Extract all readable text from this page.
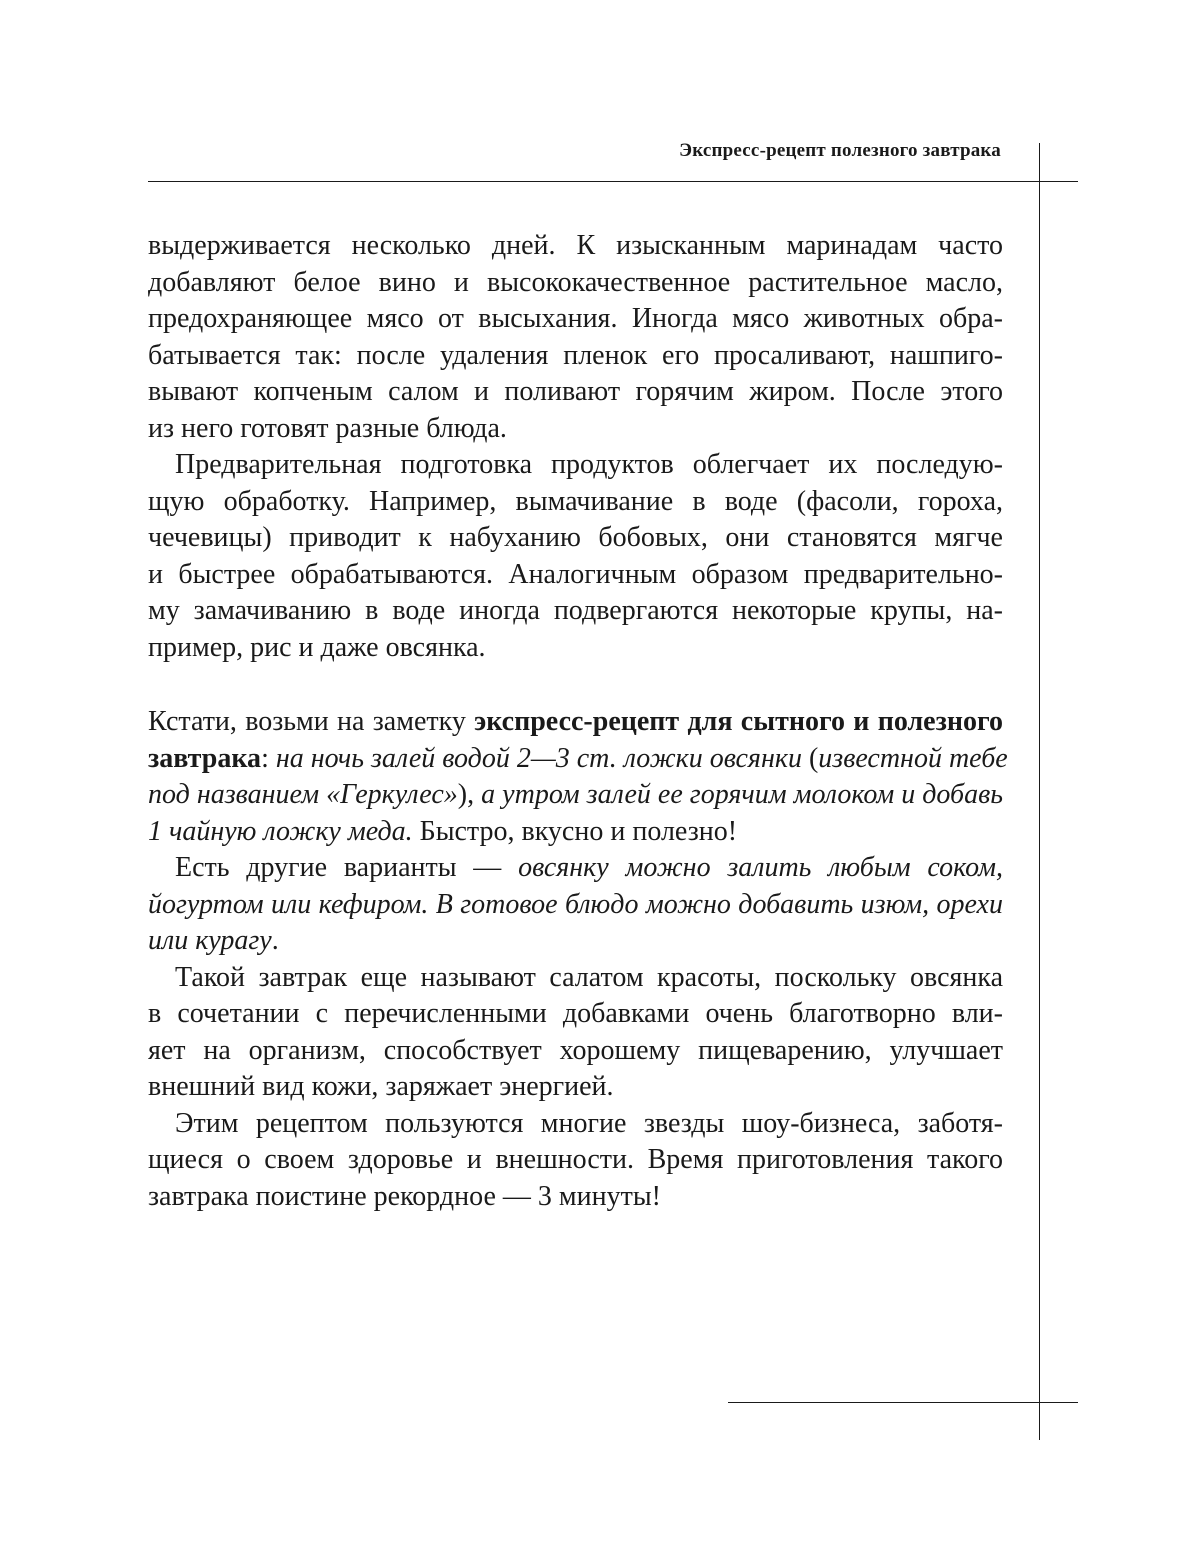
Экспресс-рецепт полезного завтрака
выдерживается несколько дней. К изысканным маринадам часто
добавляют белое вино и высококачественное растительное масло,
предохраняющее мясо от высыхания. Иногда мясо животных обра-
батывается так: после удаления пленок его просаливают, нашпиго-
вывают копченым салом и поливают горячим жиром. После этого
из него готовят разные блюда.
Предварительная подготовка продуктов облегчает их последую-
щую обработку. Например, вымачивание в воде (фасоли, гороха,
чечевицы) приводит к набуханию бобовых, они становятся мягче
и быстрее обрабатываются. Аналогичным образом предварительно-
му замачиванию в воде иногда подвергаются некоторые крупы, на-
пример, рис и даже овсянка.
Кстати, возьми на заметку экспресс-рецепт для сытного и полезного
завтрака: на ночь залей водой 2—3 ст. ложки овсянки (известной тебе
под названием «Геркулес»), а утром залей ее горячим молоком и добавь
1 чайную ложку меда. Быстро, вкусно и полезно!
Есть другие варианты — овсянку можно залить любым соком,
йогуртом или кефиром. В готовое блюдо можно добавить изюм, орехи
или курагу.
Такой завтрак еще называют салатом красоты, поскольку овсянка
в сочетании с перечисленными добавками очень благотворно вли-
яет на организм, способствует хорошему пищеварению, улучшает
внешний вид кожи, заряжает энергией.
Этим рецептом пользуются многие звезды шоу-бизнеса, заботя-
щиеся о своем здоровье и внешности. Время приготовления такого
завтрака поистине рекордное — 3 минуты!
